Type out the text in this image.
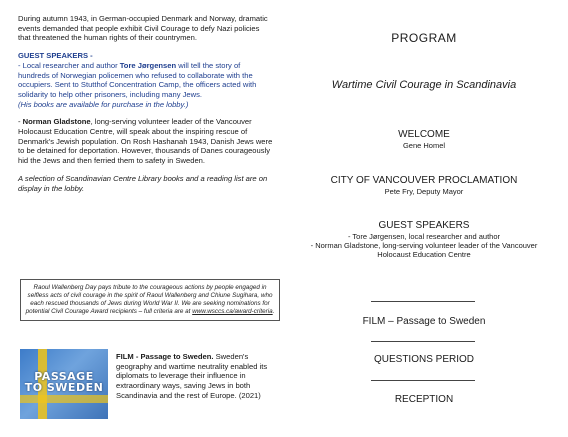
During autumn 1943, in German-occupied Denmark and Norway, dramatic events demanded that people exhibit Civil Courage to defy Nazi policies that threatened the human rights of their countrymen.

GUEST SPEAKERS -

- Local researcher and author Tore Jørgensen will tell the story of hundreds of Norwegian policemen who refused to collaborate with the occupiers. Sent to Stutthof Concentration Camp, the officers acted with solidarity to help other prisoners, including many Jews.
(His books are available for purchase in the lobby.)

- Norman Gladstone, long-serving volunteer leader of the Vancouver Holocaust Education Centre, will speak about the inspiring rescue of Denmark's Jewish population. On Rosh Hashanah 1943, Danish Jews were to be detained for deportation. However, thousands of Danes courageously hid the Jews and then ferried them to safety in Sweden.

A selection of Scandinavian Centre Library books and a reading list are on display in the lobby.

Raoul Wallenberg Day pays tribute to the courageous actions by people engaged in selfless acts of civil courage in the spirit of Raoul Wallenberg and Chiune Sugihara, who each rescued thousands of Jews during World War II. We are seeking nominations for potential Civil Courage Award recipients – full criteria are at www.wsccs.ca/award-criteria.
PASSAGE
TO SWEDEN
FILM - Passage to Sweden. Sweden's geography and wartime neutrality enabled its diplomats to leverage their influence in extraordinary ways, saving Jews in both Scandinavia and the rest of Europe. (2021)
PROGRAM
Wartime Civil Courage in Scandinavia
WELCOME
Gene Homel
CITY OF VANCOUVER PROCLAMATION
Pete Fry, Deputy Mayor
GUEST SPEAKERS
- Tore Jørgensen, local researcher and author
- Norman Gladstone, long-serving volunteer leader of the Vancouver Holocaust Education Centre
FILM – Passage to Sweden
QUESTIONS PERIOD
RECEPTION
